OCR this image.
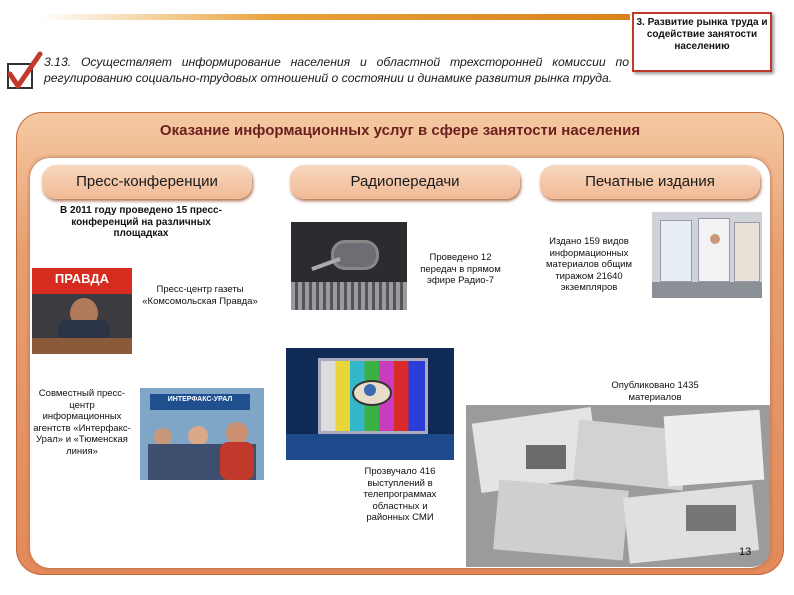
3.13. Осуществляет информирование населения и областной трехсторонней комиссии по регулированию социально-трудовых отношений о состоянии и динамике развития рынка труда.
3. Развитие рынка труда и содействие занятости населению
Оказание информационных услуг в сфере занятости населения
Пресс-конференции	Радиопередачи	Печатные издания
В 2011 году проведено 15 пресс-конференций на различных площадках
ПРАВДА
Пресс-центр газеты «Комсомольская Правда»
Совместный пресс-центр информационных агентств «Интерфакс-Урал» и «Тюменская линия»
ИНТЕРФАКС-УРАЛ
Проведено 12 передач в прямом эфире Радио-7
Прозвучало 416 выступлений в телепрограммах областных и районных СМИ
Издано 159 видов информационных материалов общим тиражом 21640 экземпляров
Опубликовано 1435 материалов
13
